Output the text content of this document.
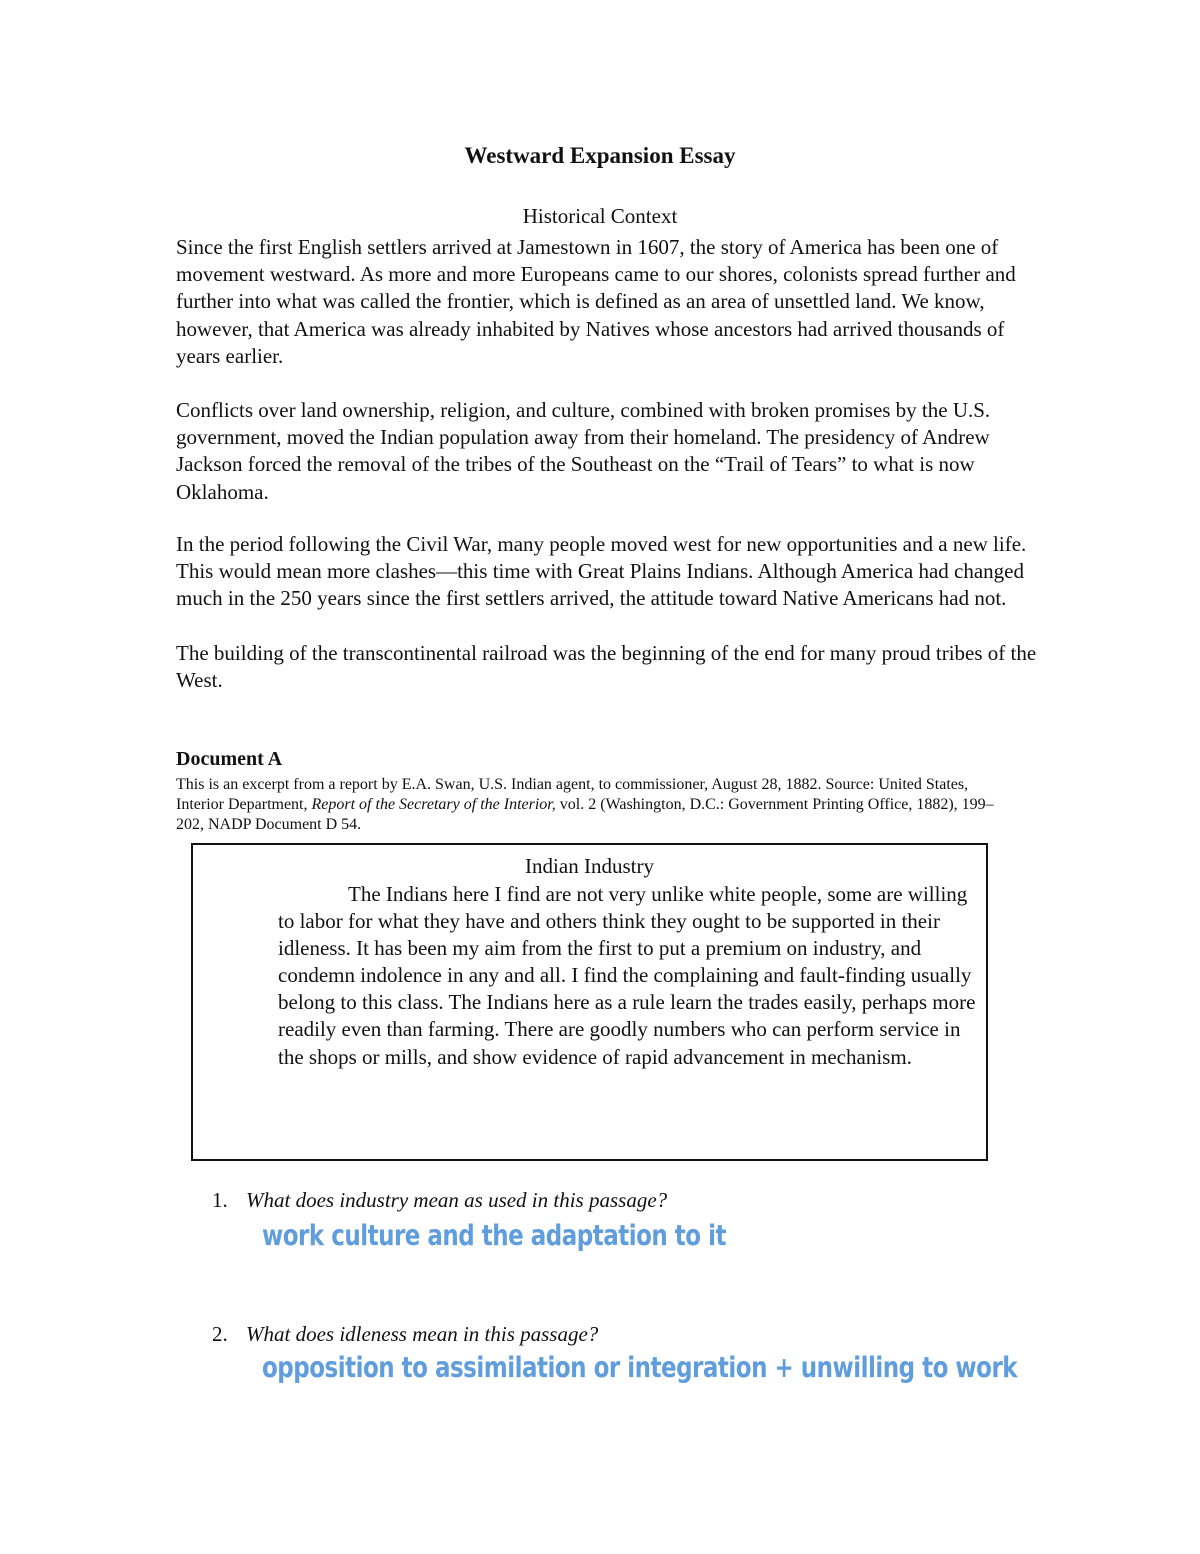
Westward Expansion Essay
Historical Context

Since the first English settlers arrived at Jamestown in 1607, the story of America has been one of movement westward. As more and more Europeans came to our shores, colonists spread further and further into what was called the frontier, which is defined as an area of unsettled land. We know, however, that America was already inhabited by Natives whose ancestors had arrived thousands of years earlier.

Conflicts over land ownership, religion, and culture, combined with broken promises by the U.S. government, moved the Indian population away from their homeland. The presidency of Andrew Jackson forced the removal of the tribes of the Southeast on the “Trail of Tears” to what is now Oklahoma.

In the period following the Civil War, many people moved west for new opportunities and a new life. This would mean more clashes—this time with Great Plains Indians. Although America had changed much in the 250 years since the first settlers arrived, the attitude toward Native Americans had not.

The building of the transcontinental railroad was the beginning of the end for many proud tribes of the West.

Document A

This is an excerpt from a report by E.A. Swan, U.S. Indian agent, to commissioner, August 28, 1882. Source: United States, Interior Department, Report of the Secretary of the Interior, vol. 2 (Washington, D.C.: Government Printing Office, 1882), 199–202, NADP Document D 54.

Indian Industry

The Indians here I find are not very unlike white people, some are willing to labor for what they have and others think they ought to be supported in their idleness. It has been my aim from the first to put a premium on industry, and condemn indolence in any and all. I find the complaining and fault-finding usually belong to this class. The Indians here as a rule learn the trades easily, perhaps more readily even than farming. There are goodly numbers who can perform service in the shops or mills, and show evidence of rapid advancement in mechanism.

1. What does industry mean as used in this passage?
work culture and the adaptation to it
2. What does idleness mean in this passage?
opposition to assimilation or integration + unwilling to work
